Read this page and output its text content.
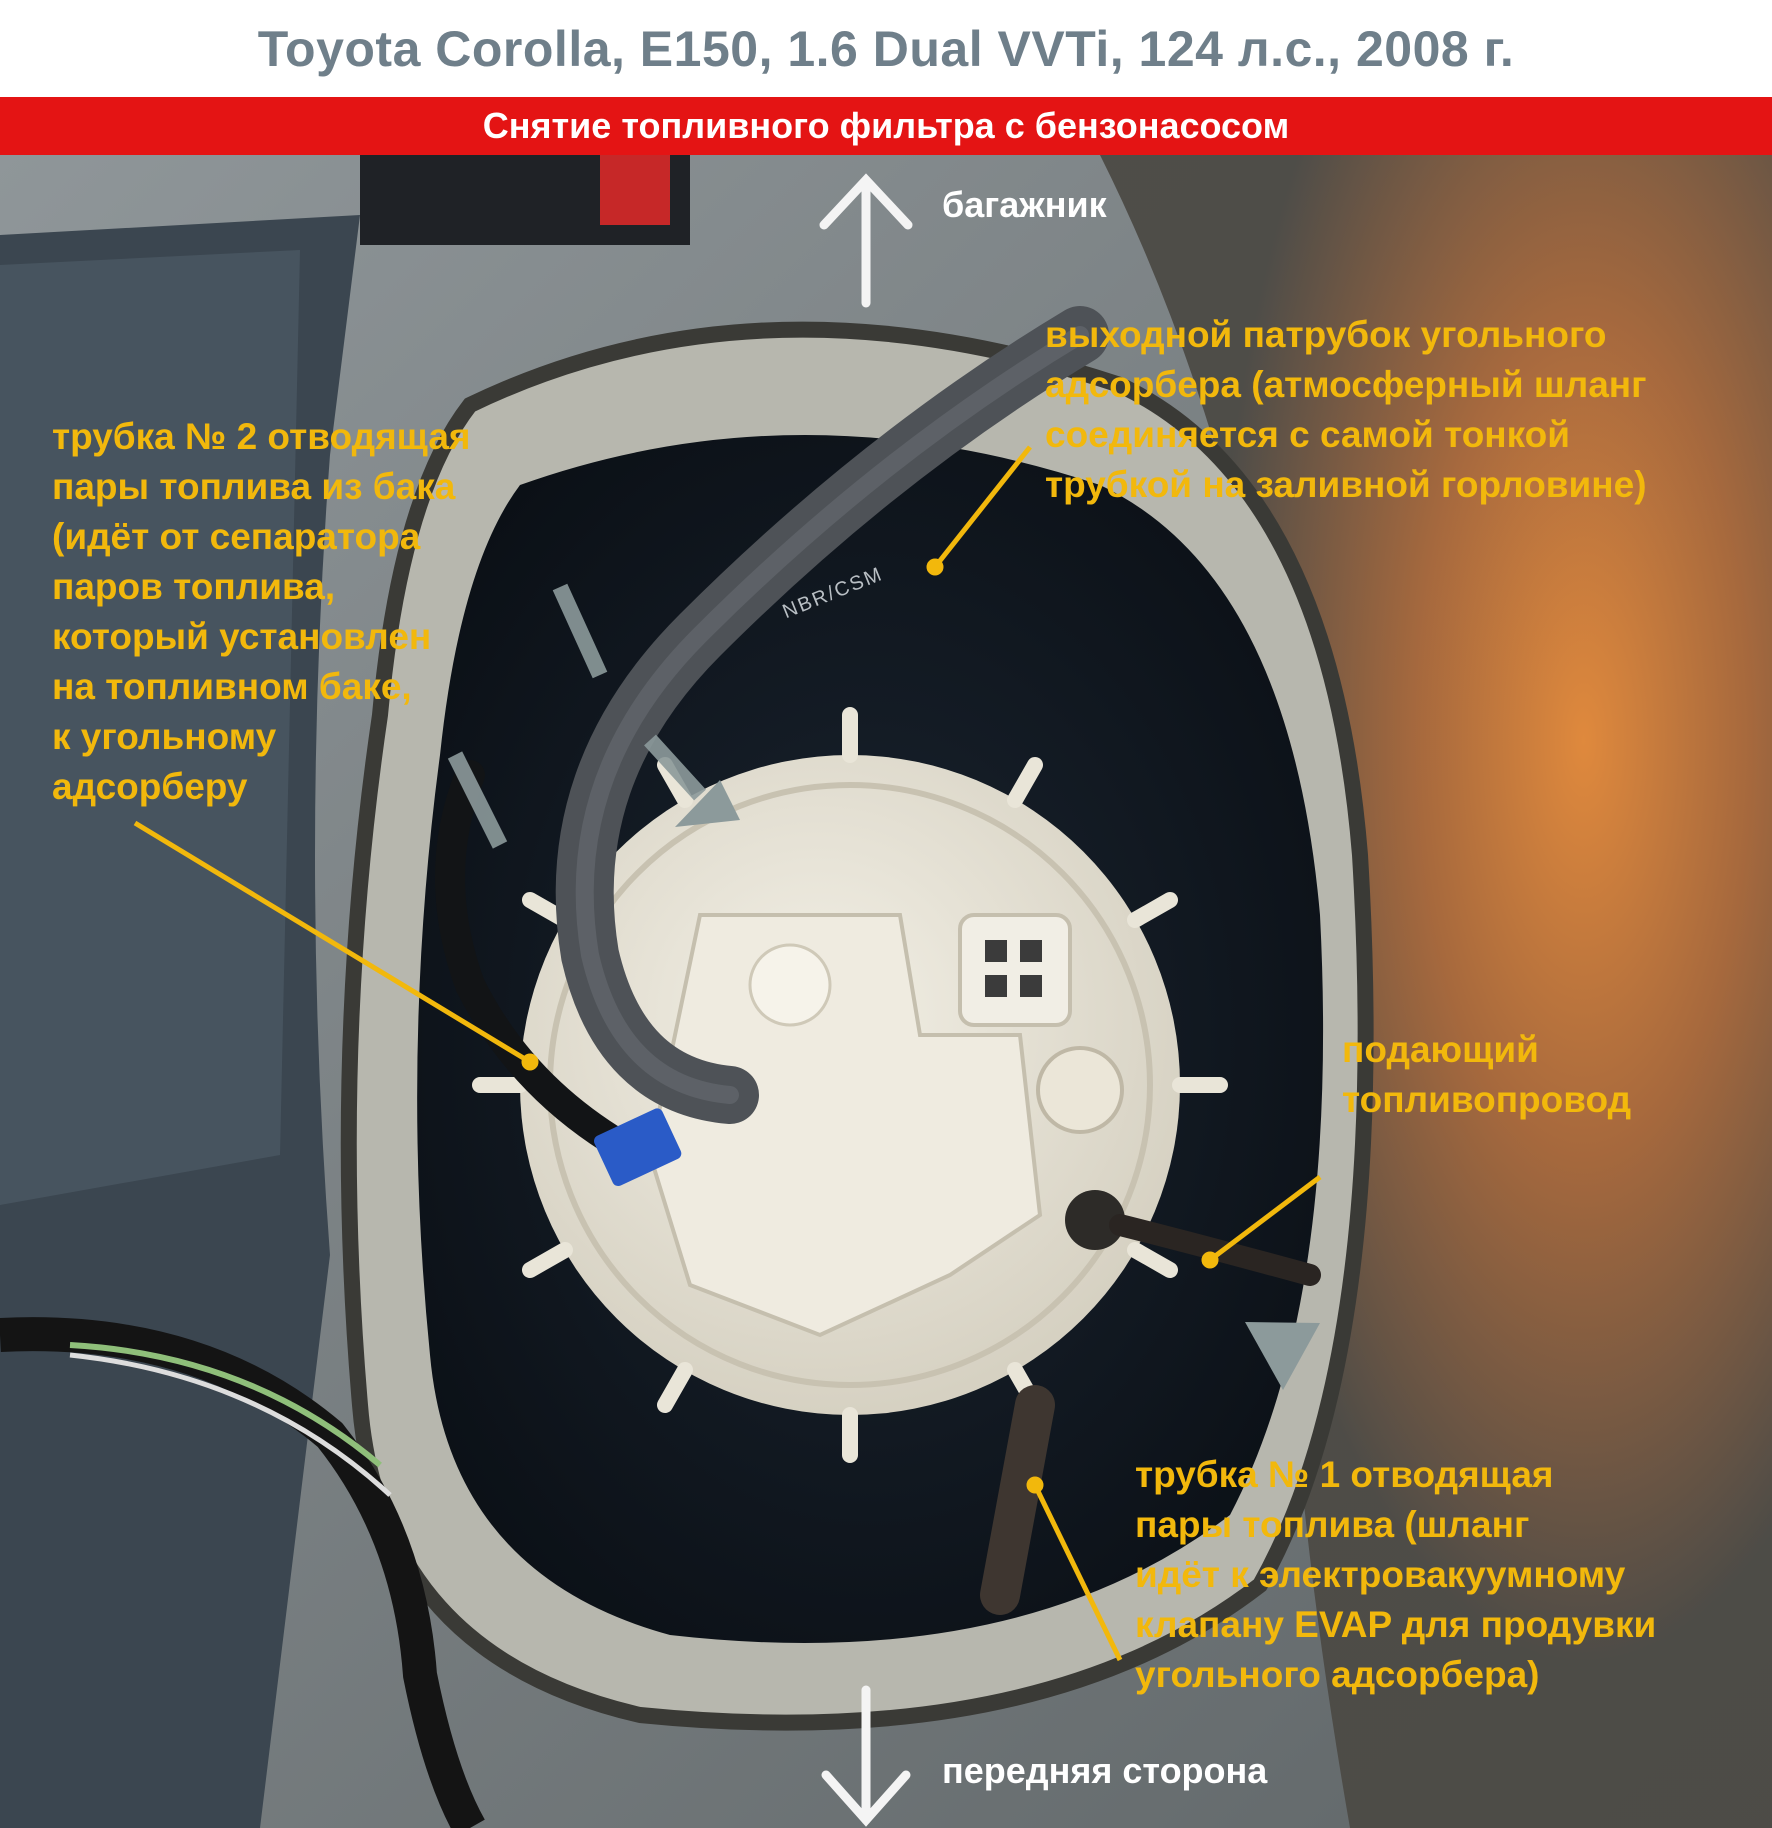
Toyota Corolla, E150, 1.6 Dual VVTi, 124 л.с., 2008 г.
Снятие топливного фильтра с бензонасосом
NBR/CSM
багажник
передняя сторона
трубка № 2 отводящая
пары топлива из бака
(идёт от сепаратора
паров топлива,
который установлен
на топливном баке,
к угольному
адсорберу
выходной патрубок угольного
адсорбера (атмосферный шланг
соединяется с самой тонкой
трубкой на заливной горловине)
подающий
топливопровод
трубка № 1 отводящая
пары топлива (шланг
идёт к электровакуумному
клапану EVAP для продувки
угольного адсорбера)
